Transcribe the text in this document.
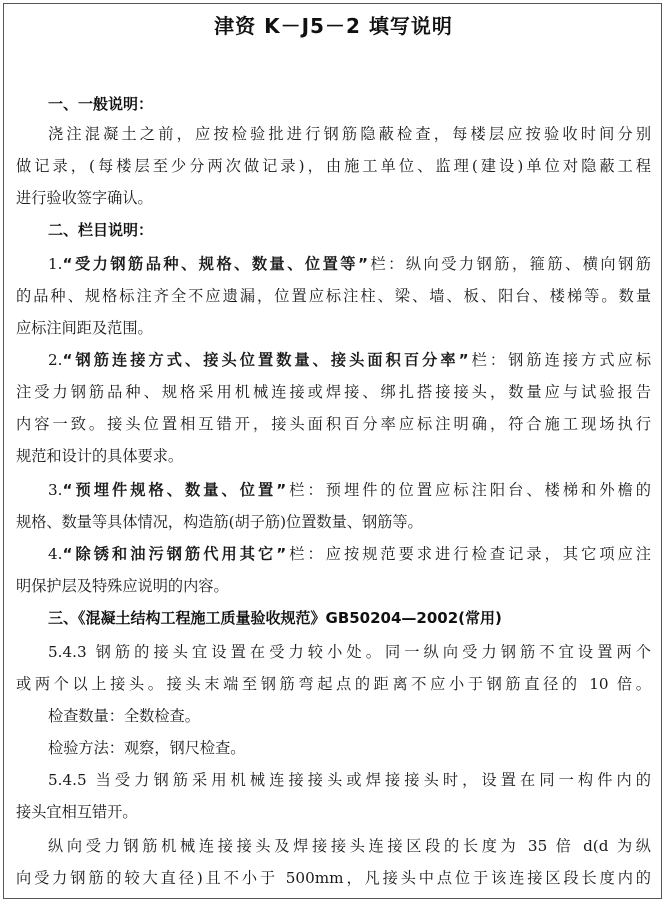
津资 K－J5－2 填写说明
一、一般说明：
浇注混凝土之前，应按检验批进行钢筋隐蔽检查，每楼层应按验收时间分别
做记录，(每楼层至少分两次做记录)，由施工单位、监理(建设)单位对隐蔽工程
进行验收签字确认。
二、栏目说明：
1.“受力钢筋品种、规格、数量、位置等”栏：纵向受力钢筋，箍筋、横向钢筋
的品种、规格标注齐全不应遗漏，位置应标注柱、梁、墙、板、阳台、楼梯等。数量
应标注间距及范围。
2.“钢筋连接方式、接头位置数量、接头面积百分率”栏：钢筋连接方式应标
注受力钢筋品种、规格采用机械连接或焊接、绑扎搭接接头，数量应与试验报告
内容一致。接头位置相互错开，接头面积百分率应标注明确，符合施工现场执行
规范和设计的具体要求。
3.“预埋件规格、数量、位置”栏：预埋件的位置应标注阳台、楼梯和外檐的
规格、数量等具体情况，构造筋(胡子筋)位置数量、钢筋等。
4.“除锈和油污钢筋代用其它”栏：应按规范要求进行检查记录，其它项应注
明保护层及特殊应说明的内容。
三、《混凝土结构工程施工质量验收规范》GB50204—2002(常用)
5.4.3 钢筋的接头宜设置在受力较小处。同一纵向受力钢筋不宜设置两个
或两个以上接头。接头末端至钢筋弯起点的距离不应小于钢筋直径的 10 倍。
检查数量：全数检查。
检验方法：观察，钢尺检查。
5.4.5 当受力钢筋采用机械连接接头或焊接接头时，设置在同一构件内的
接头宜相互错开。
纵向受力钢筋机械连接接头及焊接接头连接区段的长度为 35 倍 d(d 为纵
向受力钢筋的较大直径)且不小于 500mm，凡接头中点位于该连接区段长度内的
